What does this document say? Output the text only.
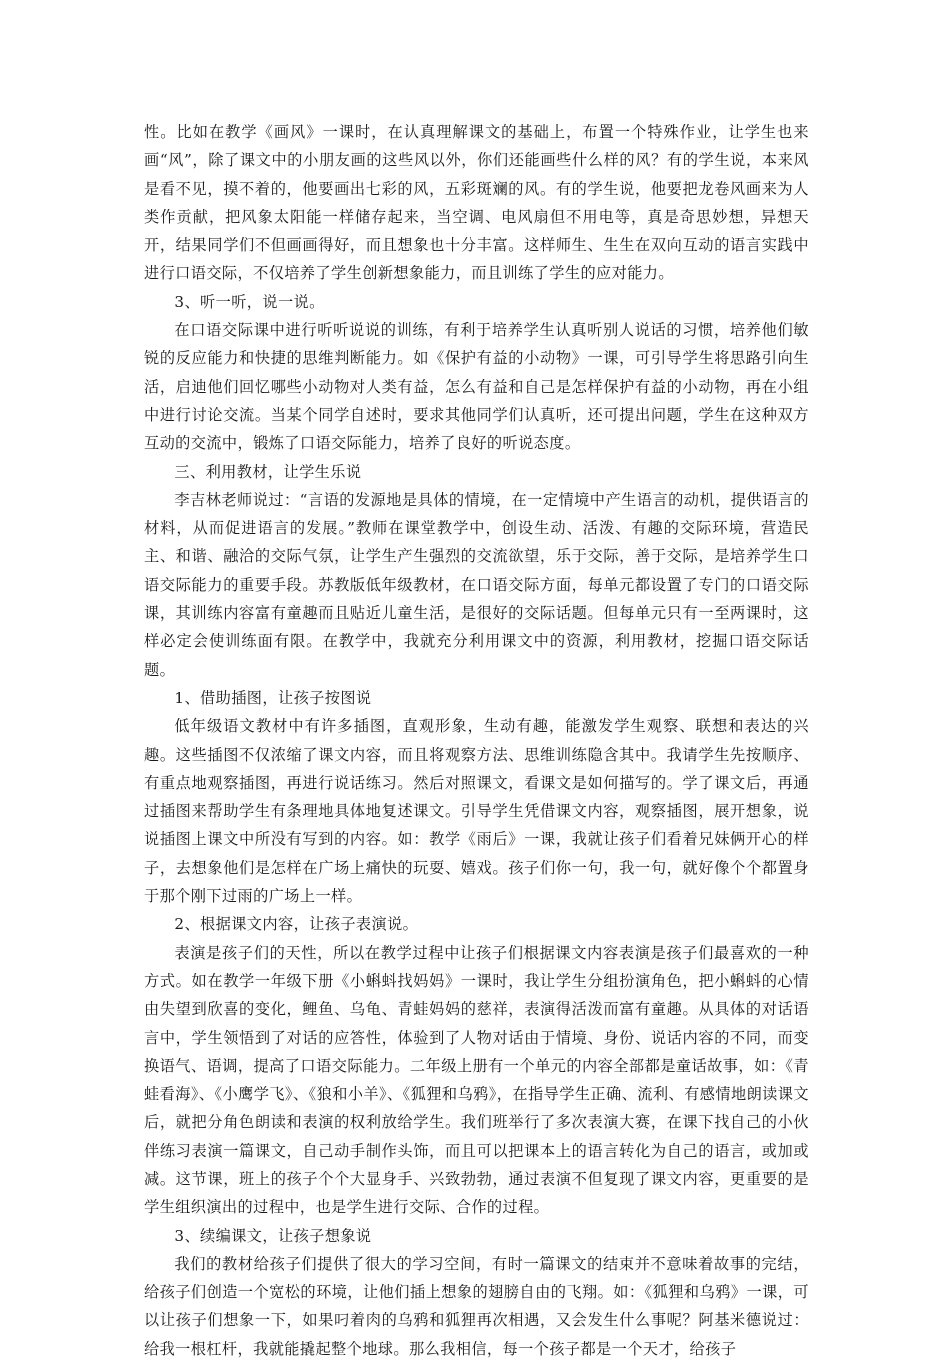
性。比如在教学《画风》一课时，在认真理解课文的基础上，布置一个特殊作业，让学生也来画“风”，除了课文中的小朋友画的这些风以外，你们还能画些什么样的风？有的学生说，本来风是看不见，摸不着的，他要画出七彩的风，五彩斑斓的风。有的学生说，他要把龙卷风画来为人类作贡献，把风象太阳能一样储存起来，当空调、电风扇但不用电等，真是奇思妙想，异想天开，结果同学们不但画画得好，而且想象也十分丰富。这样师生、生生在双向互动的语言实践中进行口语交际，不仅培养了学生创新想象能力，而且训练了学生的应对能力。

3、听一听，说一说。

在口语交际课中进行听听说说的训练，有利于培养学生认真听别人说话的习惯，培养他们敏锐的反应能力和快捷的思维判断能力。如《保护有益的小动物》一课，可引导学生将思路引向生活，启迪他们回忆哪些小动物对人类有益，怎么有益和自己是怎样保护有益的小动物，再在小组中进行讨论交流。当某个同学自述时，要求其他同学们认真听，还可提出问题，学生在这种双方互动的交流中，锻炼了口语交际能力，培养了良好的听说态度。

三、利用教材，让学生乐说

李吉林老师说过：“言语的发源地是具体的情境，在一定情境中产生语言的动机，提供语言的材料，从而促进语言的发展。”教师在课堂教学中，创设生动、活泼、有趣的交际环境，营造民主、和谐、融洽的交际气氛，让学生产生强烈的交流欲望，乐于交际，善于交际，是培养学生口语交际能力的重要手段。苏教版低年级教材，在口语交际方面，每单元都设置了专门的口语交际课，其训练内容富有童趣而且贴近儿童生活，是很好的交际话题。但每单元只有一至两课时，这样必定会使训练面有限。在教学中，我就充分利用课文中的资源，利用教材，挖掘口语交际话题。

1、借助插图，让孩子按图说

低年级语文教材中有许多插图，直观形象，生动有趣，能激发学生观察、联想和表达的兴趣。这些插图不仅浓缩了课文内容，而且将观察方法、思维训练隐含其中。我请学生先按顺序、有重点地观察插图，再进行说话练习。然后对照课文，看课文是如何描写的。学了课文后，再通过插图来帮助学生有条理地具体地复述课文。引导学生凭借课文内容，观察插图，展开想象，说说插图上课文中所没有写到的内容。如：教学《雨后》一课，我就让孩子们看着兄妹俩开心的样子，去想象他们是怎样在广场上痛快的玩耍、嬉戏。孩子们你一句，我一句，就好像个个都置身于那个刚下过雨的广场上一样。

2、根据课文内容，让孩子表演说。

表演是孩子们的天性，所以在教学过程中让孩子们根据课文内容表演是孩子们最喜欢的一种方式。如在教学一年级下册《小蝌蚪找妈妈》一课时，我让学生分组扮演角色，把小蝌蚪的心情由失望到欣喜的变化，鲤鱼、乌龟、青蛙妈妈的慈祥，表演得活泼而富有童趣。从具体的对话语言中，学生领悟到了对话的应答性，体验到了人物对话由于情境、身份、说话内容的不同，而变换语气、语调，提高了口语交际能力。二年级上册有一个单元的内容全部都是童话故事，如：《青蛙看海》、《小鹰学飞》、《狼和小羊》、《狐狸和乌鸦》，在指导学生正确、流利、有感情地朗读课文后，就把分角色朗读和表演的权利放给学生。我们班举行了多次表演大赛，在课下找自己的小伙伴练习表演一篇课文，自己动手制作头饰，而且可以把课本上的语言转化为自己的语言，或加或减。这节课，班上的孩子个个大显身手、兴致勃勃，通过表演不但复现了课文内容，更重要的是学生组织演出的过程中，也是学生进行交际、合作的过程。

3、续编课文，让孩子想象说

我们的教材给孩子们提供了很大的学习空间，有时一篇课文的结束并不意味着故事的完结，给孩子们创造一个宽松的环境，让他们插上想象的翅膀自由的飞翔。如：《狐狸和乌鸦》一课，可以让孩子们想象一下，如果叼着肉的乌鸦和狐狸再次相遇，又会发生什么事呢？阿基米德说过：给我一根杠杆，我就能撬起整个地球。那么我相信，每一个孩子都是一个天才，给孩子
